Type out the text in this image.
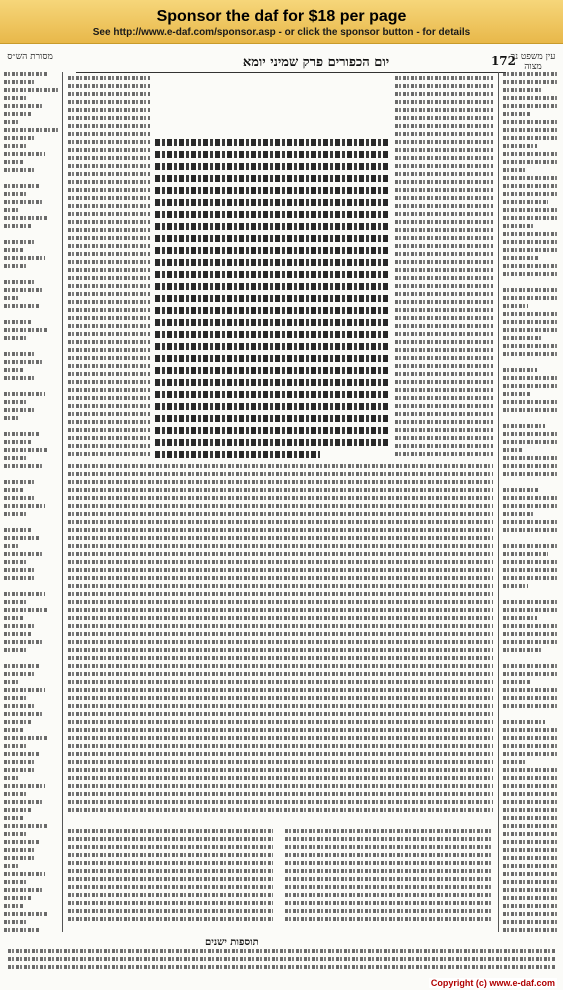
Sponsor the daf for $18 per page
See http://www.e-daf.com/sponsor.asp - or click the sponsor button - for details
מסורת הש״ס	עין משפט נר מצוה
יום הכפורים פרק שמיני יומא	172
תוספות ישנים
Copyright (c) www.e-daf.com
